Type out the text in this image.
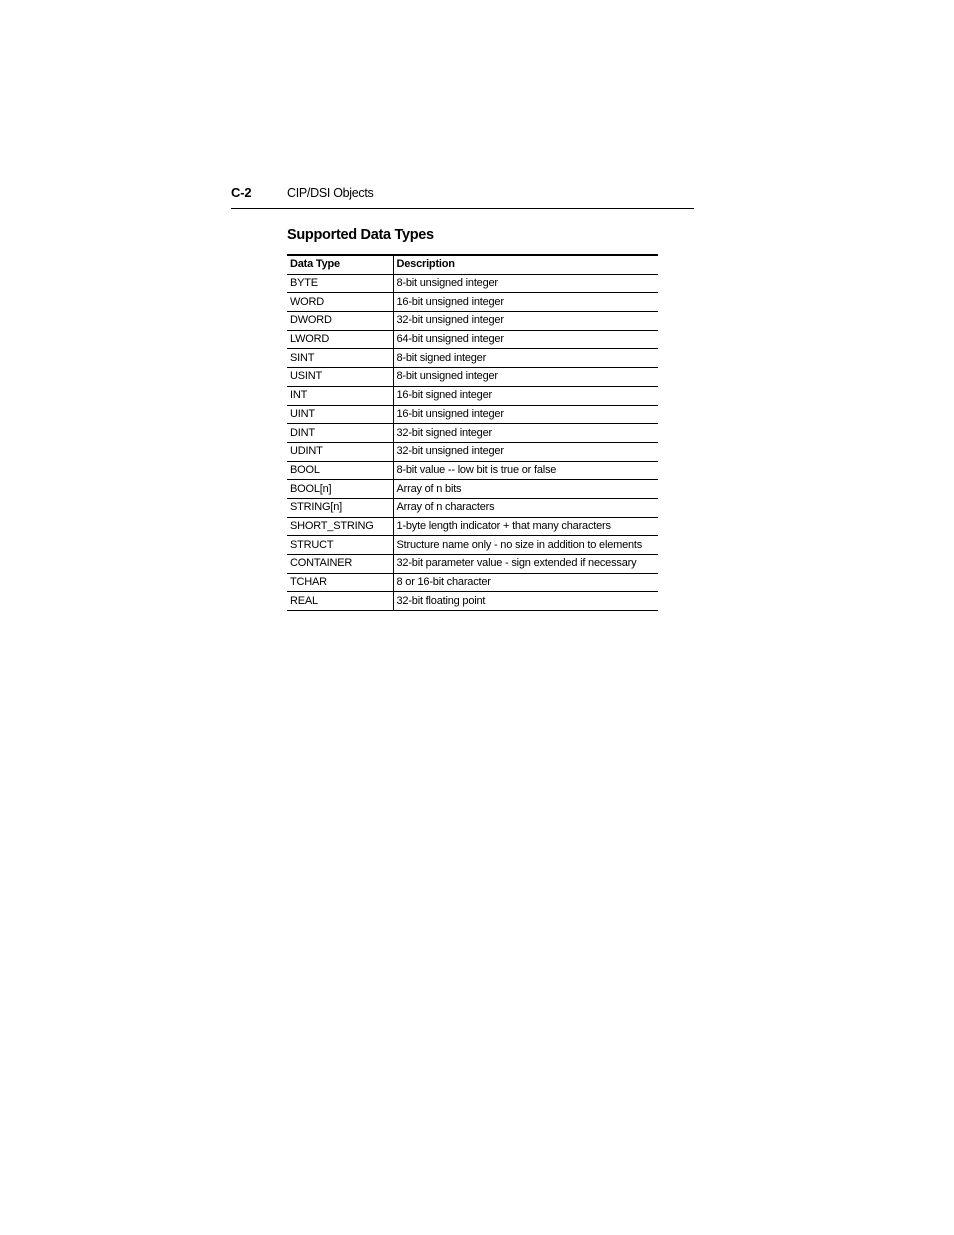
C-2	CIP/DSI Objects
Supported Data Types
Data Type	Description
BYTE	8-bit unsigned integer
WORD	16-bit unsigned integer
DWORD	32-bit unsigned integer
LWORD	64-bit unsigned integer
SINT	8-bit signed integer
USINT	8-bit unsigned integer
INT	16-bit signed integer
UINT	16-bit unsigned integer
DINT	32-bit signed integer
UDINT	32-bit unsigned integer
BOOL	8-bit value -- low bit is true or false
BOOL[n]	Array of n bits
STRING[n]	Array of n characters
SHORT_STRING	1-byte length indicator + that many characters
STRUCT	Structure name only - no size in addition to elements
CONTAINER	32-bit parameter value - sign extended if necessary
TCHAR	8 or 16-bit character
REAL	32-bit floating point
